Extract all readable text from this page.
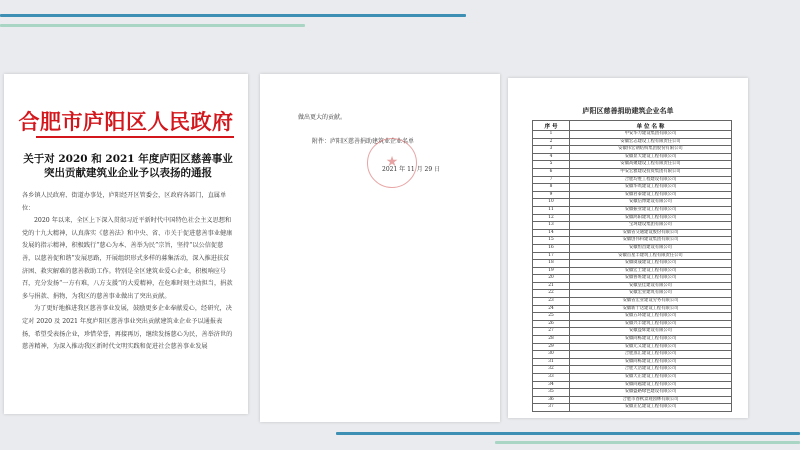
合肥市庐阳区人民政府
关于对 2020 和 2021 年度庐阳区慈善事业
突出贡献建筑业企业予以表扬的通报

各乡镇人民政府、街道办事处，庐阳经开区管委会，区政府各部门，直属单位：

2020 年以来，全区上下深入贯彻习近平新时代中国特色社会主义思想和党的十九大精神，认真落实《慈善法》和中央、省、市关于促进慈善事业健康发展的指示精神，积极践行“慈心为本、善举为民”宗旨，坚持“以公信促慈善，以慈善促和谐”发展思路，开展组织形式多样的募集活动，深入推进扶贫济困、救灾解难的慈善救助工作。特别是全区建筑业爱心企业，积极响应号召，充分发扬“一方有难，八方支援”的大爱精神，在危难时刻主动担当，捐款多与捐款、捐物，为我区的慈善事业做出了突出贡献。

为了更好地推进我区慈善事业发展，鼓励更多企业奉献爱心，经研究，决定对 2020 及 2021 年度庐阳区慈善事业突出贡献建筑业企业予以通报表扬，希望受表扬企业，珍惜荣誉，再接再厉，继续发扬慈心为民，善举济世的慈善精神，为深入推动我区新时代文明实践和促进社会慈善事业发展

做出更大的贡献。
附件：庐阳区慈善捐助建筑业企业名单
★
2021 年 11 月 29 日
庐阳区慈善捐助建筑企业名单
序 号	单 位 名 称
1	中安华力建设集团有限公司
2	安徽宏志建设工程有限责任公司
3	安徽伟宏钢结构集团股份有限公司
4	安徽显天建设工程有限公司
5	安徽高聚建设工程有限责任公司
6	中安宏雅建设投资集团有限公司
7	合肥均胜工程建设有限公司
8	安徽华筑建设工程有限公司
9	安徽君泰建设工程有限公司
10	安徽信博建设有限公司
11	安徽振业建设工程有限公司
12	安徽鸿阳建筑工程有限公司
13	宝珂建设集团有限公司
14	安徽省交通建设股份有限公司
15	安徽创伟科建设集团有限公司
16	安徽恒昌建设有限公司
17	安徽首星丰建筑工程有限责任公司
18	安徽虞晟建设工程有限公司
19	安徽宏土建设工程有限公司
20	安徽鲁班建设工程有限公司
21	安徽皇佳建设有限公司
22	安徽宏业建筑有限公司
23	安徽省宏业建设劳务有限公司
24	安徽新十达建设工程有限公司
25	安徽五环建设工程有限公司
26	安徽兴丰建筑工程有限公司
27	安徽益辉建设有限公司
28	安徽尚栋建设工程有限公司
29	安徽元义建设工程有限公司
30	合肥蒸汇建设工程有限公司
31	安徽尚栋建设工程有限公司
32	合肥天浩建设工程有限公司
33	安徽天正建设工程有限公司
34	安徽尚越建设工程有限公司
35	安徽盛路绿色建设有限公司
36	合肥市春秋景观园林有限公司
37	安徽正亿建设工程有限公司
